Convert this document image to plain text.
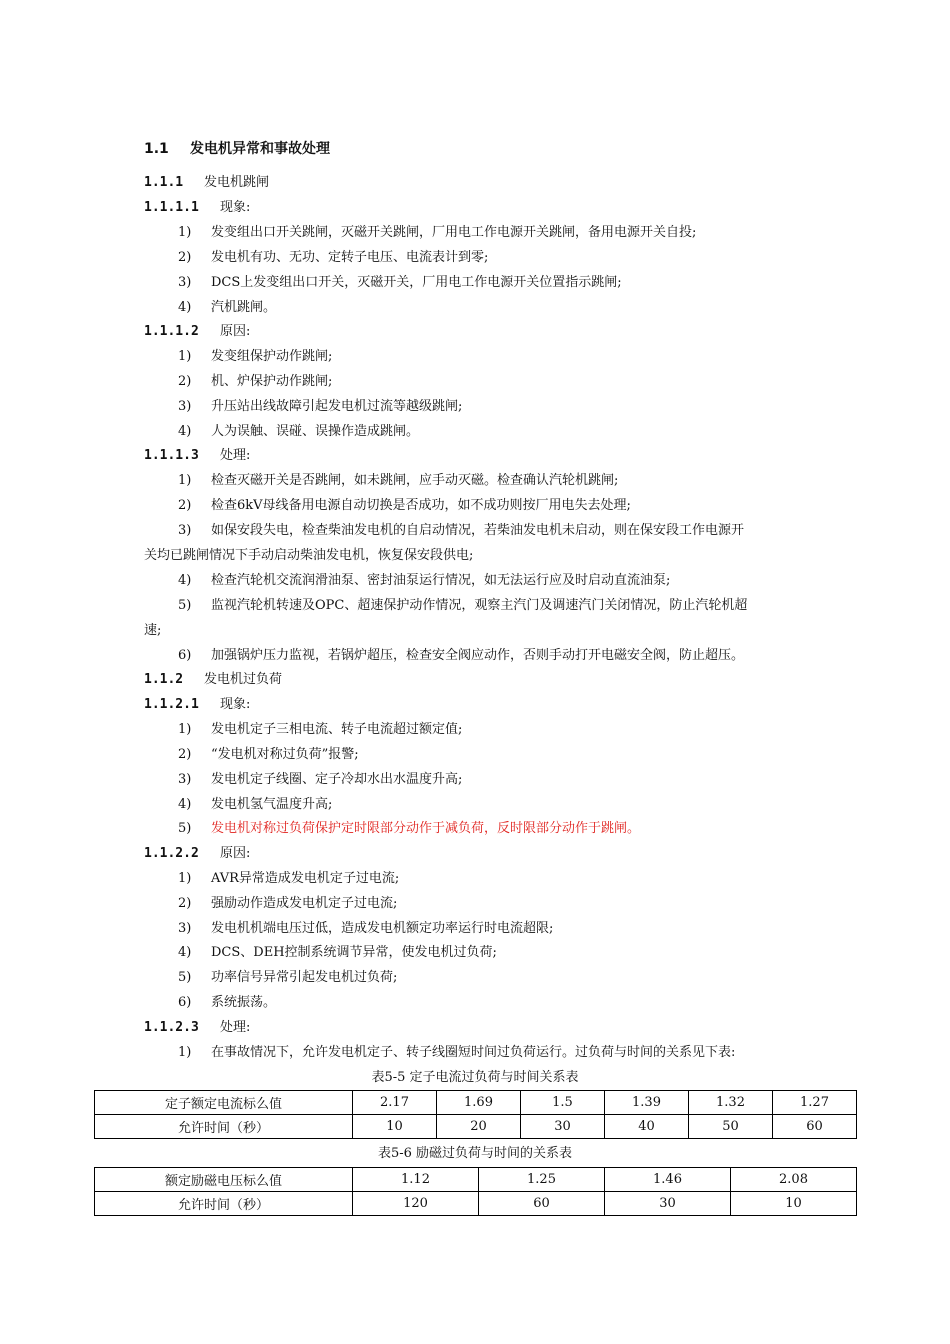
1.1 发电机异常和事故处理
1.1.1 发电机跳闸
1.1.1.1 现象:
1) 发变组出口开关跳闸，灭磁开关跳闸，厂用电工作电源开关跳闸，备用电源开关自投;
2) 发电机有功、无功、定转子电压、电流表计到零;
3) DCS上发变组出口开关，灭磁开关，厂用电工作电源开关位置指示跳闸;
4) 汽机跳闸。
1.1.1.2 原因:
1) 发变组保护动作跳闸;
2) 机、炉保护动作跳闸;
3) 升压站出线故障引起发电机过流等越级跳闸;
4) 人为误触、误碰、误操作造成跳闸。
1.1.1.3 处理:
1) 检查灭磁开关是否跳闸，如未跳闸，应手动灭磁。检查确认汽轮机跳闸;
2) 检查6kV母线备用电源自动切换是否成功，如不成功则按厂用电失去处理;
3) 如保安段失电，检查柴油发电机的自启动情况，若柴油发电机未启动，则在保安段工作电源开
关均已跳闸情况下手动启动柴油发电机，恢复保安段供电;
4) 检查汽轮机交流润滑油泵、密封油泵运行情况，如无法运行应及时启动直流油泵;
5) 监视汽轮机转速及OPC、超速保护动作情况，观察主汽门及调速汽门关闭情况，防止汽轮机超
速;
6) 加强锅炉压力监视，若锅炉超压，检查安全阀应动作，否则手动打开电磁安全阀，防止超压。
1.1.2 发电机过负荷
1.1.2.1 现象:
1) 发电机定子三相电流、转子电流超过额定值;
2) “发电机对称过负荷”报警;
3) 发电机定子线圈、定子冷却水出水温度升高;
4) 发电机氢气温度升高;
5) 发电机对称过负荷保护定时限部分动作于减负荷，反时限部分动作于跳闸。
1.1.2.2 原因:
1) AVR异常造成发电机定子过电流;
2) 强励动作造成发电机定子过电流;
3) 发电机机端电压过低，造成发电机额定功率运行时电流超限;
4) DCS、DEH控制系统调节异常，使发电机过负荷;
5) 功率信号异常引起发电机过负荷;
6) 系统振荡。
1.1.2.3 处理:
1) 在事故情况下，允许发电机定子、转子线圈短时间过负荷运行。过负荷与时间的关系见下表:
表5-5 定子电流过负荷与时间关系表
定子额定电流标么值	2.17	1.69	1.5	1.39	1.32	1.27
允许时间（秒）	10	20	30	40	50	60
表5-6 励磁过负荷与时间的关系表
额定励磁电压标么值	1.12	1.25	1.46	2.08
允许时间（秒）	120	60	30	10
